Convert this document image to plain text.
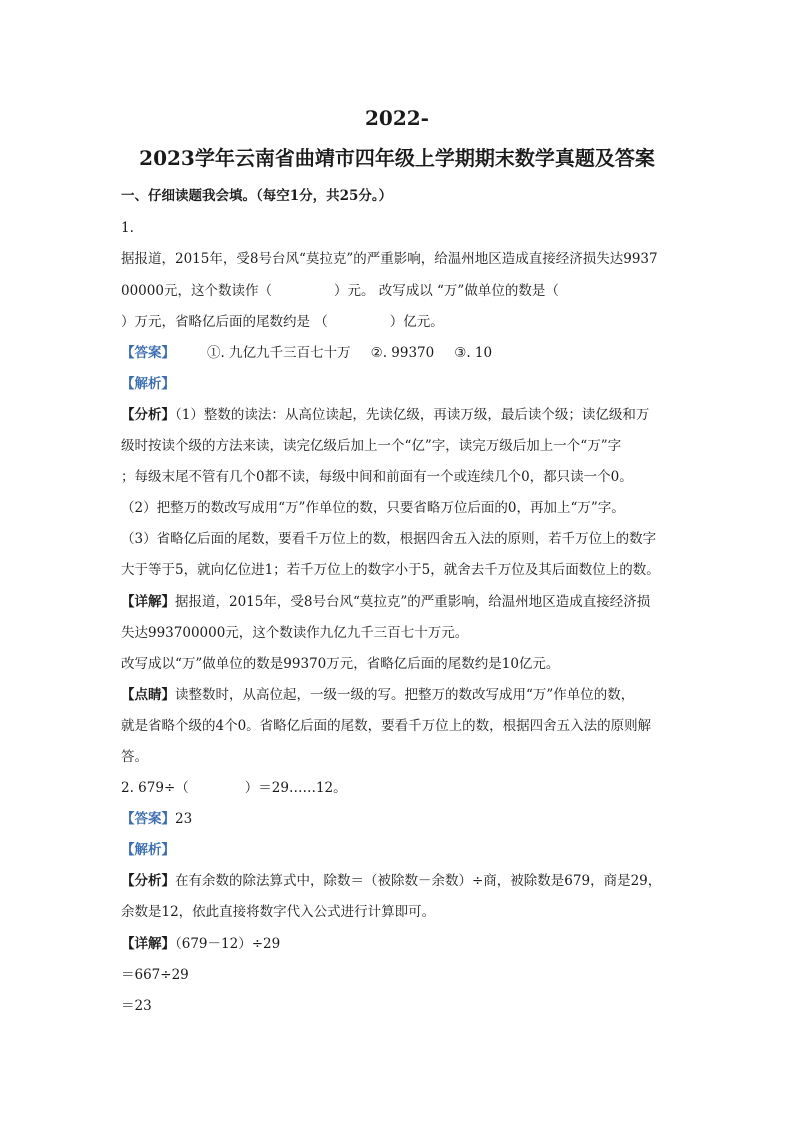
2022-
2023学年云南省曲靖市四年级上学期期末数学真题及答案
一、仔细读题我会填。（每空1分，共25分。）
1.
据报道，2015年，受8号台风“莫拉克”的严重影响，给温州地区造成直接经济损失达9937
00000元，这个数读作（	）元。 改写成以 “万”做单位的数是（
）万元，省略亿后面的尾数约是 （	）亿元。
【答案】 ①. 九亿九千三百七十万 ②. 99370 ③. 10
【解析】
【分析】（1）整数的读法：从高位读起，先读亿级，再读万级，最后读个级；读亿级和万
级时按读个级的方法来读，读完亿级后加上一个“亿”字，读完万级后加上一个“万”字
；每级末尾不管有几个0都不读，每级中间和前面有一个或连续几个0，都只读一个0。
（2）把整万的数改写成用“万”作单位的数，只要省略万位后面的0，再加上“万”字。
（3）省略亿后面的尾数，要看千万位上的数，根据四舍五入法的原则，若千万位上的数字
大于等于5，就向亿位进1；若千万位上的数字小于5，就舍去千万位及其后面数位上的数。
【详解】据报道，2015年，受8号台风“莫拉克”的严重影响，给温州地区造成直接经济损
失达993700000元，这个数读作九亿九千三百七十万元。
改写成以“万”做单位的数是99370万元，省略亿后面的尾数约是10亿元。
【点睛】读整数时，从高位起，一级一级的写。把整万的数改写成用“万”作单位的数，
就是省略个级的4个0。省略亿后面的尾数，要看千万位上的数，根据四舍五入法的原则解
答。
2. 679÷（	）＝29……12。
【答案】23
【解析】
【分析】在有余数的除法算式中，除数＝（被除数－余数）÷商，被除数是679，商是29，
余数是12，依此直接将数字代入公式进行计算即可。
【详解】（679－12）÷29
＝667÷29
＝23
